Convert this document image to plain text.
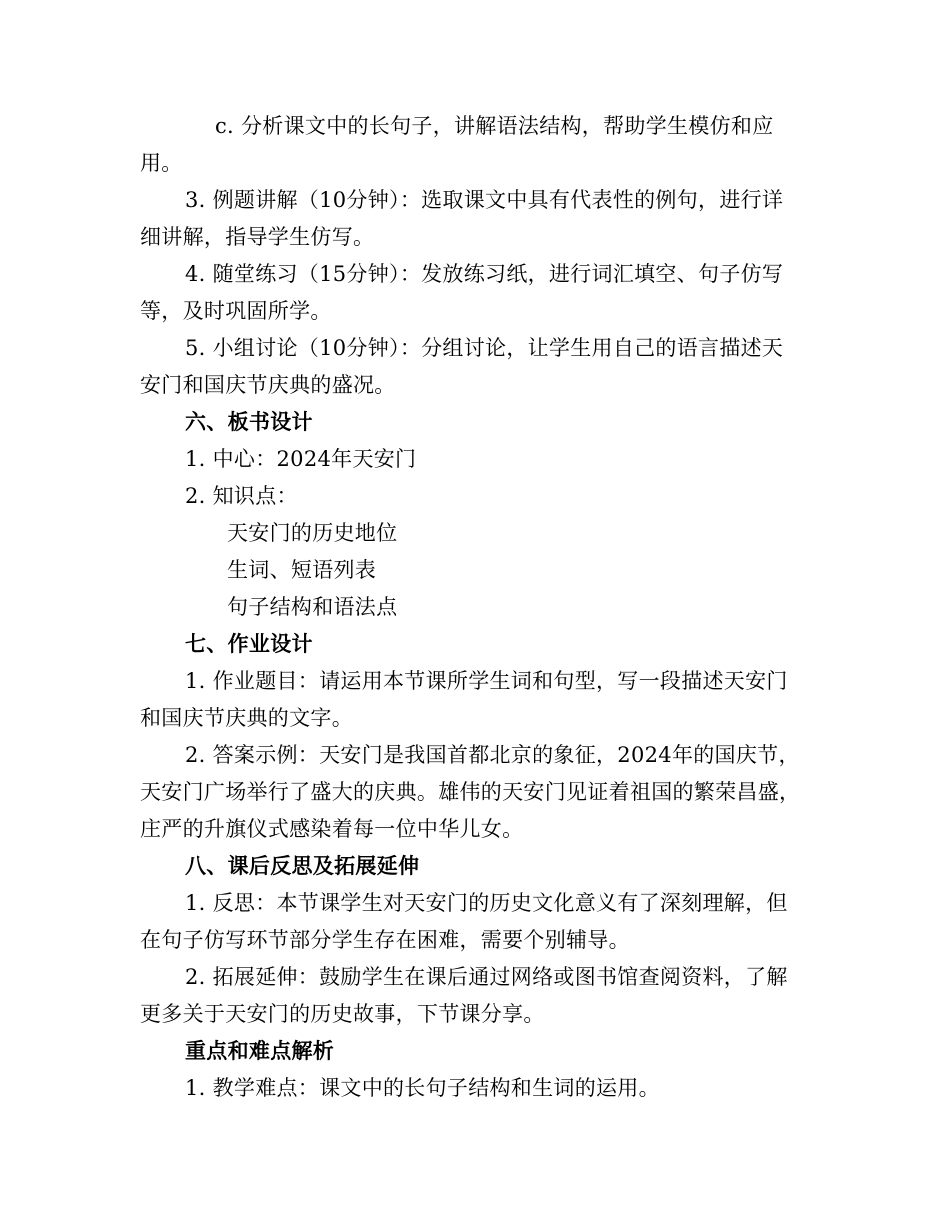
c. 分析课文中的长句子，讲解语法结构，帮助学生模仿和应
用。
3. 例题讲解（10分钟）：选取课文中具有代表性的例句，进行详
细讲解，指导学生仿写。
4. 随堂练习（15分钟）：发放练习纸，进行词汇填空、句子仿写
等，及时巩固所学。
5. 小组讨论（10分钟）：分组讨论，让学生用自己的语言描述天
安门和国庆节庆典的盛况。
六、板书设计
1. 中心：2024年天安门
2. 知识点：
天安门的历史地位
生词、短语列表
句子结构和语法点
七、作业设计
1. 作业题目：请运用本节课所学生词和句型，写一段描述天安门
和国庆节庆典的文字。
2. 答案示例：天安门是我国首都北京的象征，2024年的国庆节，
天安门广场举行了盛大的庆典。雄伟的天安门见证着祖国的繁荣昌盛，
庄严的升旗仪式感染着每一位中华儿女。
八、课后反思及拓展延伸
1. 反思：本节课学生对天安门的历史文化意义有了深刻理解，但
在句子仿写环节部分学生存在困难，需要个别辅导。
2. 拓展延伸：鼓励学生在课后通过网络或图书馆查阅资料，了解
更多关于天安门的历史故事，下节课分享。
重点和难点解析
1. 教学难点：课文中的长句子结构和生词的运用。
